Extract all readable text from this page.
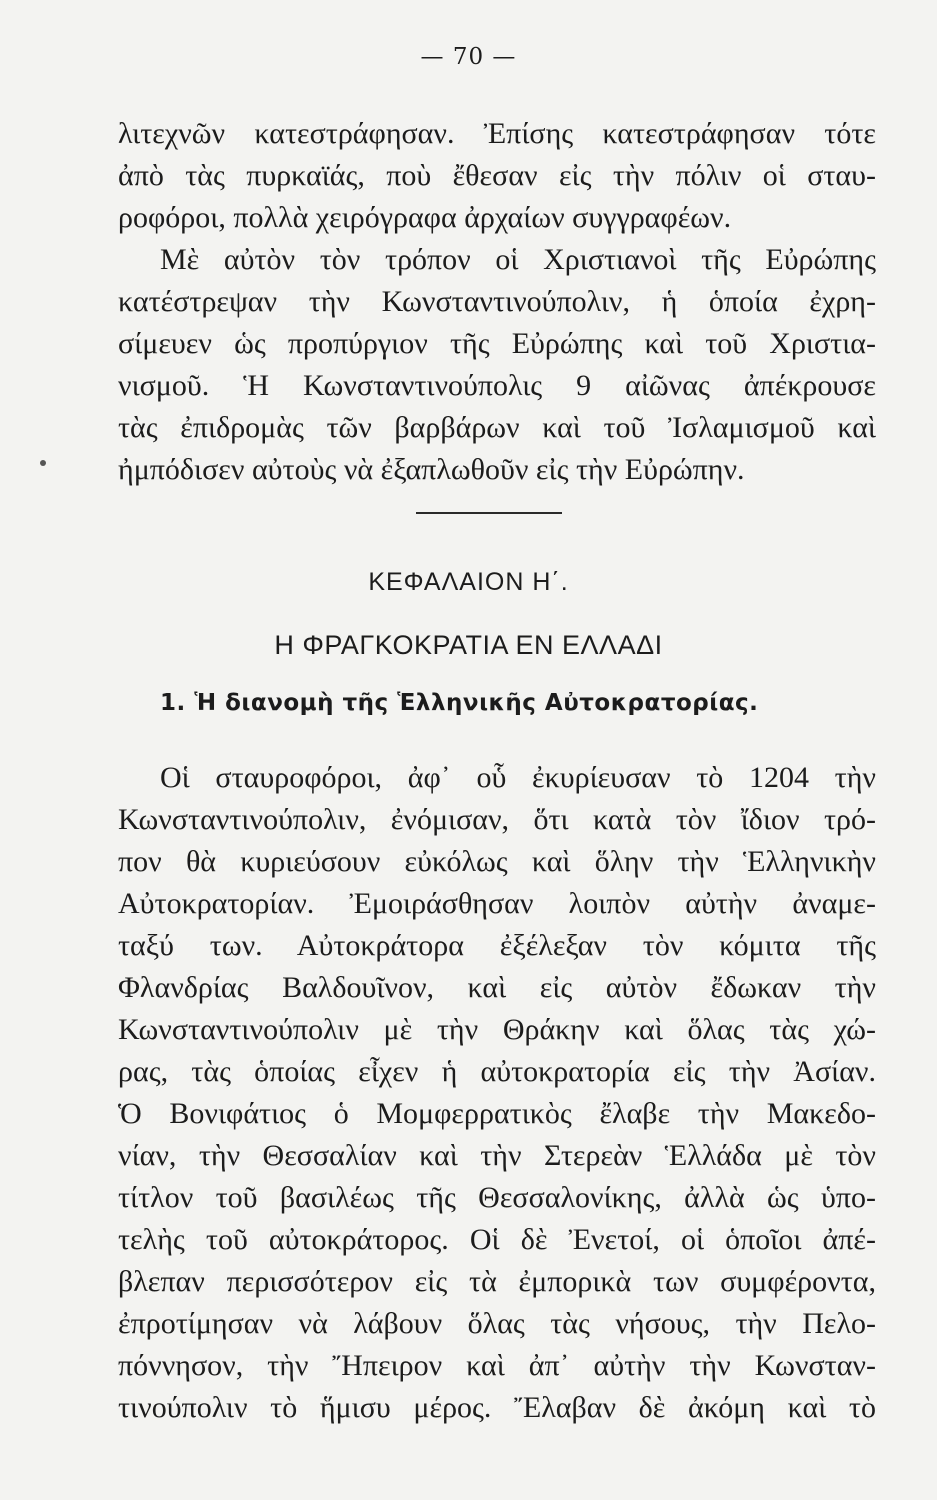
— 70 —
λιτεχνῶν κατεστράφησαν. Ἐπίσης κατεστράφησαν τότε
ἀπὸ τὰς πυρκαϊάς, ποὺ ἔθεσαν εἰς τὴν πόλιν οἱ σταυ-
ροφόροι, πολλὰ χειρόγραφα ἀρχαίων συγγραφέων.
Μὲ αὐτὸν τὸν τρόπον οἱ Χριστιανοὶ τῆς Εὐρώπης
κατέστρεψαν τὴν Κωνσταντινούπολιν, ἡ ὁποία ἐχρη-
σίμευεν ὡς προπύργιον τῆς Εὐρώπης καὶ τοῦ Χριστια-
νισμοῦ. Ἡ Κωνσταντινούπολις 9 αἰῶνας ἀπέκρουσε
τὰς ἐπιδρομὰς τῶν βαρβάρων καὶ τοῦ Ἰσλαμισμοῦ καὶ
ἠμπόδισεν αὐτοὺς νὰ ἐξαπλωθοῦν εἰς τὴν Εὐρώπην.
ΚΕΦΑΛΑΙΟΝ Η΄.
Η ΦΡΑΓΚΟΚΡΑΤΙΑ ΕΝ ΕΛΛΑΔΙ
1. Ἡ διανομὴ τῆς Ἑλληνικῆς Αὐτοκρατορίας.
Οἱ σταυροφόροι, ἀφ᾽ οὗ ἐκυρίευσαν τὸ 1204 τὴν
Κωνσταντινούπολιν, ἐνόμισαν, ὅτι κατὰ τὸν ἴδιον τρό-
πον θὰ κυριεύσουν εὐκόλως καὶ ὅλην τὴν Ἑλληνικὴν
Αὐτοκρατορίαν. Ἐμοιράσθησαν λοιπὸν αὐτὴν ἀναμε-
ταξύ των. Αὐτοκράτορα ἐξέλεξαν τὸν κόμιτα τῆς
Φλανδρίας Βαλδουῖνον, καὶ εἰς αὐτὸν ἔδωκαν τὴν
Κωνσταντινούπολιν μὲ τὴν Θράκην καὶ ὅλας τὰς χώ-
ρας, τὰς ὁποίας εἶχεν ἡ αὐτοκρατορία εἰς τὴν Ἀσίαν.
Ὁ Βονιφάτιος ὁ Μομφερρατικὸς ἔλαβε τὴν Μακεδο-
νίαν, τὴν Θεσσαλίαν καὶ τὴν Στερεὰν Ἑλλάδα μὲ τὸν
τίτλον τοῦ βασιλέως τῆς Θεσσαλονίκης, ἀλλὰ ὡς ὑπο-
τελὴς τοῦ αὐτοκράτορος. Οἱ δὲ Ἐνετοί, οἱ ὁποῖοι ἀπέ-
βλεπαν περισσότερον εἰς τὰ ἐμπορικὰ των συμφέροντα,
ἐπροτίμησαν νὰ λάβουν ὅλας τὰς νήσους, τὴν Πελο-
πόννησον, τὴν Ἤπειρον καὶ ἀπ᾽ αὐτὴν τὴν Κωνσταν-
τινούπολιν τὸ ἥμισυ μέρος. Ἔλαβαν δὲ ἀκόμη καὶ τὸ
